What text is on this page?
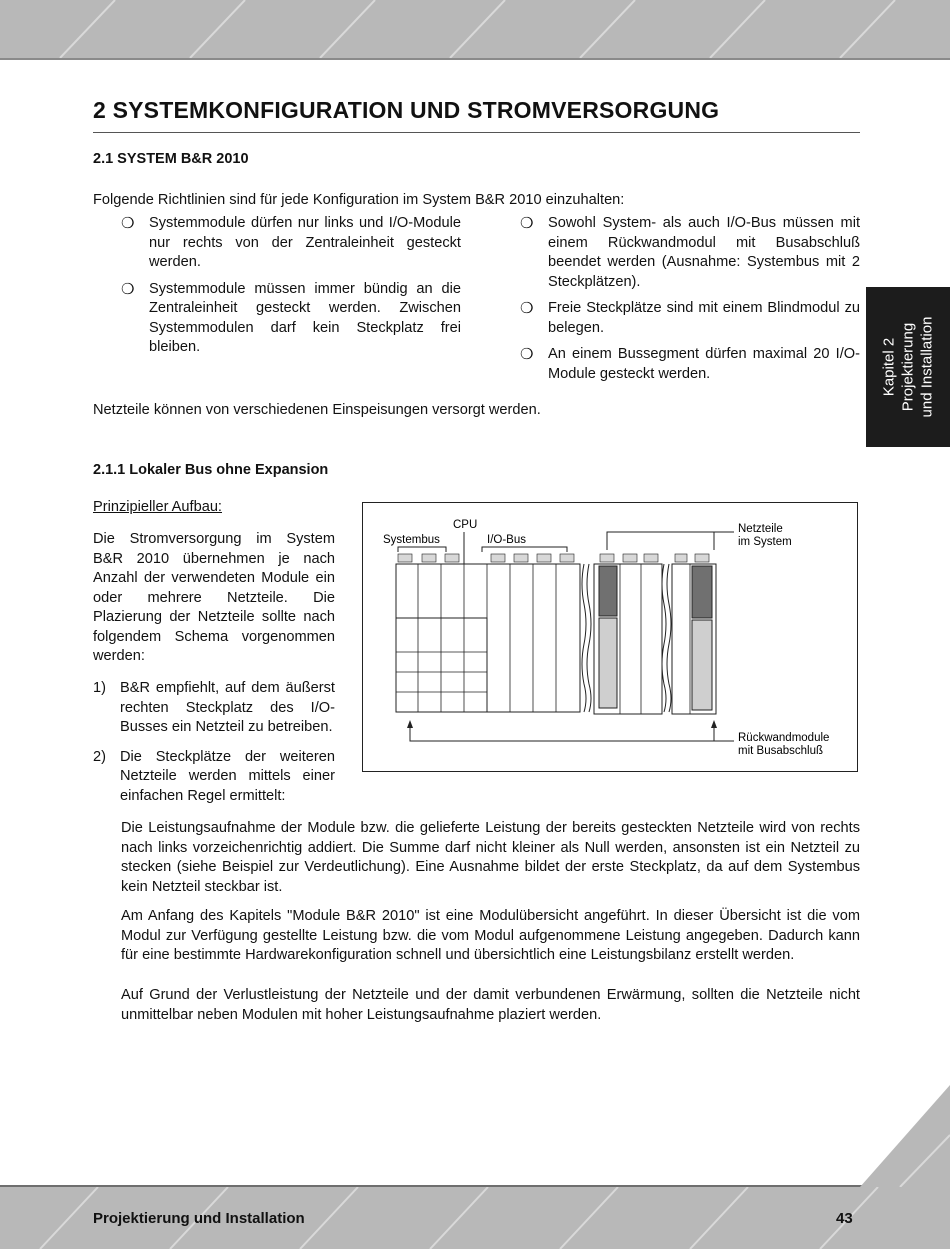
Kapitel 2 Projektierung und Installation
2 SYSTEMKONFIGURATION UND STROMVERSORGUNG
2.1 SYSTEM B&R 2010
Folgende Richtlinien sind für jede Konfiguration im System B&R 2010 einzuhalten:
❍ Systemmodule dürfen nur links und I/O-Module nur rechts von der Zentraleinheit gesteckt werden.
❍ Systemmodule müssen immer bündig an die Zentraleinheit gesteckt werden. Zwischen Systemmodulen darf kein Steckplatz frei bleiben.
❍ Sowohl System- als auch I/O-Bus müssen mit einem Rückwandmodul mit Busabschluß beendet werden (Ausnahme: Systembus mit 2 Steckplätzen).
❍ Freie Steckplätze sind mit einem Blindmodul zu belegen.
❍ An einem Bussegment dürfen maximal 20 I/O-Module gesteckt werden.
Netzteile können von verschiedenen Einspeisungen versorgt werden.
2.1.1 Lokaler Bus ohne Expansion
Prinzipieller Aufbau:
Die Stromversorgung im System B&R 2010 übernehmen je nach Anzahl der verwendeten Module ein oder mehrere Netzteile. Die Plazierung der Netzteile sollte nach folgendem Schema vorgenommen werden:
1) B&R empfiehlt, auf dem äußerst rechten Steckplatz des I/O-Busses ein Netzteil zu betreiben.
2) Die Steckplätze der weiteren Netzteile werden mittels einer einfachen Regel ermittelt:
Die Leistungsaufnahme der Module bzw. die gelieferte Leistung der bereits gesteckten Netzteile wird von rechts nach links vorzeichenrichtig addiert. Die Summe darf nicht kleiner als Null werden, ansonsten ist ein Netzteil zu stecken (siehe Beispiel zur Verdeutlichung). Eine Ausnahme bildet der erste Steckplatz, da auf dem Systembus kein Netzteil steckbar ist.
Am Anfang des Kapitels "Module B&R 2010" ist eine Modulübersicht angeführt. In dieser Übersicht ist die vom Modul zur Verfügung gestellte Leistung bzw. die vom Modul aufgenommene Leistung angegeben. Dadurch kann für eine bestimmte Hardwarekonfiguration schnell und übersichtlich eine Leistungsbilanz erstellt werden.
Auf Grund der Verlustleistung der Netzteile und der damit verbundenen Erwärmung, sollten die Netzteile nicht unmittelbar neben Modulen mit hoher Leistungsaufnahme plaziert werden.
CPU
Systembus	I/O-Bus
Netzteile
im System
Rückwandmodule
mit Busabschluß
Projektierung und Installation	43
